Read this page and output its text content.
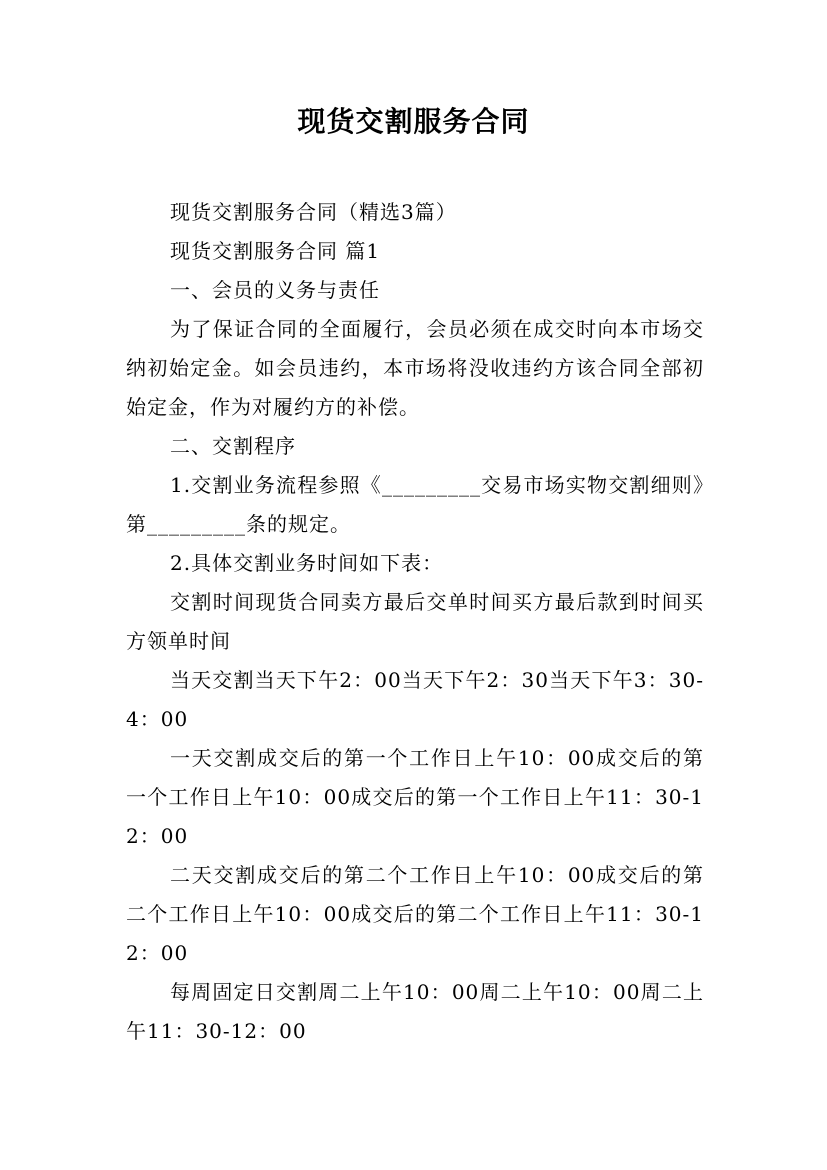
现货交割服务合同

现货交割服务合同（精选3篇）

现货交割服务合同 篇1

一、会员的义务与责任

为了保证合同的全面履行，会员必须在成交时向本市场交纳初始定金。如会员违约，本市场将没收违约方该合同全部初始定金，作为对履约方的补偿。

二、交割程序

1.交割业务流程参照《_________交易市场实物交割细则》第_________条的规定。

2.具体交割业务时间如下表：

交割时间现货合同卖方最后交单时间买方最后款到时间买方领单时间

当天交割当天下午2：00当天下午2：30当天下午3：30-4：00

一天交割成交后的第一个工作日上午10：00成交后的第一个工作日上午10：00成交后的第一个工作日上午11：30-12：00

二天交割成交后的第二个工作日上午10：00成交后的第二个工作日上午10：00成交后的第二个工作日上午11：30-12：00

每周固定日交割周二上午10：00周二上午10：00周二上午11：30-12：00
